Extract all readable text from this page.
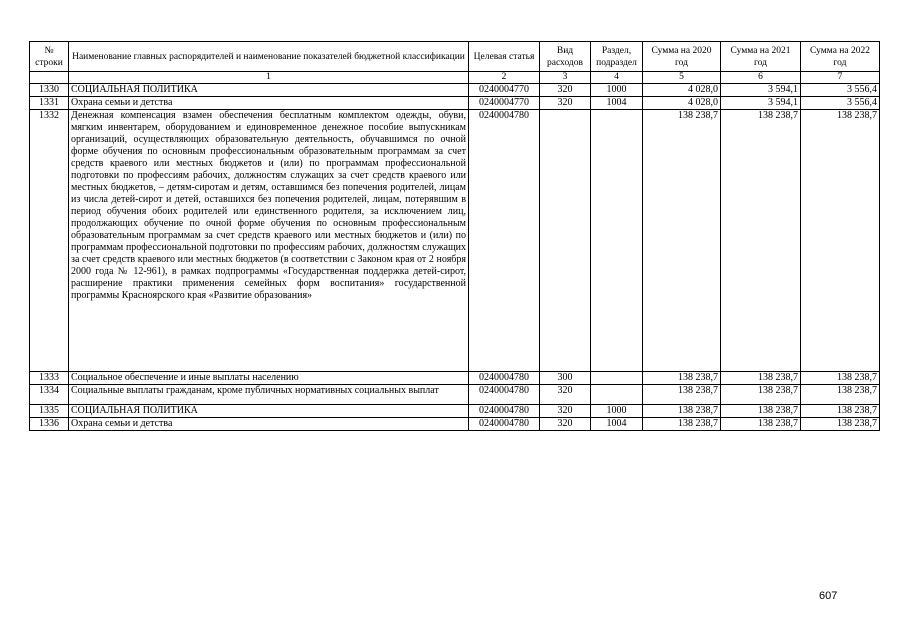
№ строки	Наименование главных распорядителей и наименование показателей бюджетной классификации	Целевая статья	Вид расходов	Раздел, подраздел	Сумма на 2020 год	Сумма на 2021 год	Сумма на 2022 год
	1	2	3	4	5	6	7
1330	СОЦИАЛЬНАЯ ПОЛИТИКА	0240004770	320	1000	4 028,0	3 594,1	3 556,4
1331	Охрана семьи и детства	0240004770	320	1004	4 028,0	3 594,1	3 556,4
1332	Денежная компенсация взамен обеспечения бесплатным комплектом одежды, обуви, мягким инвентарем, оборудованием и единовременное денежное пособие выпускникам организаций, осуществляющих образовательную деятельность, обучавшимся по очной форме обучения по основным профессиональным образовательным программам за счет средств краевого или местных бюджетов и (или) по программам профессиональной подготовки по профессиям рабочих, должностям служащих за счет средств краевого или местных бюджетов, – детям-сиротам и детям, оставшимся без попечения родителей, лицам из числа детей-сирот и детей, оставшихся без попечения родителей, лицам, потерявшим в период обучения обоих родителей или единственного родителя, за исключением лиц, продолжающих обучение по очной форме обучения по основным профессиональным образовательным программам за счет средств краевого или местных бюджетов и (или) по программам профессиональной подготовки по профессиям рабочих, должностям служащих за счет средств краевого или местных бюджетов (в соответствии с Законом края от 2 ноября 2000 года № 12-961), в рамках подпрограммы «Государственная поддержка детей-сирот, расширение практики применения семейных форм воспитания» государственной программы Красноярского края «Развитие образования»	0240004780			138 238,7	138 238,7	138 238,7
1333	Социальное обеспечение и иные выплаты населению	0240004780	300		138 238,7	138 238,7	138 238,7
1334	Социальные выплаты гражданам, кроме публичных нормативных социальных выплат	0240004780	320		138 238,7	138 238,7	138 238,7
1335	СОЦИАЛЬНАЯ ПОЛИТИКА	0240004780	320	1000	138 238,7	138 238,7	138 238,7
1336	Охрана семьи и детства	0240004780	320	1004	138 238,7	138 238,7	138 238,7
607
